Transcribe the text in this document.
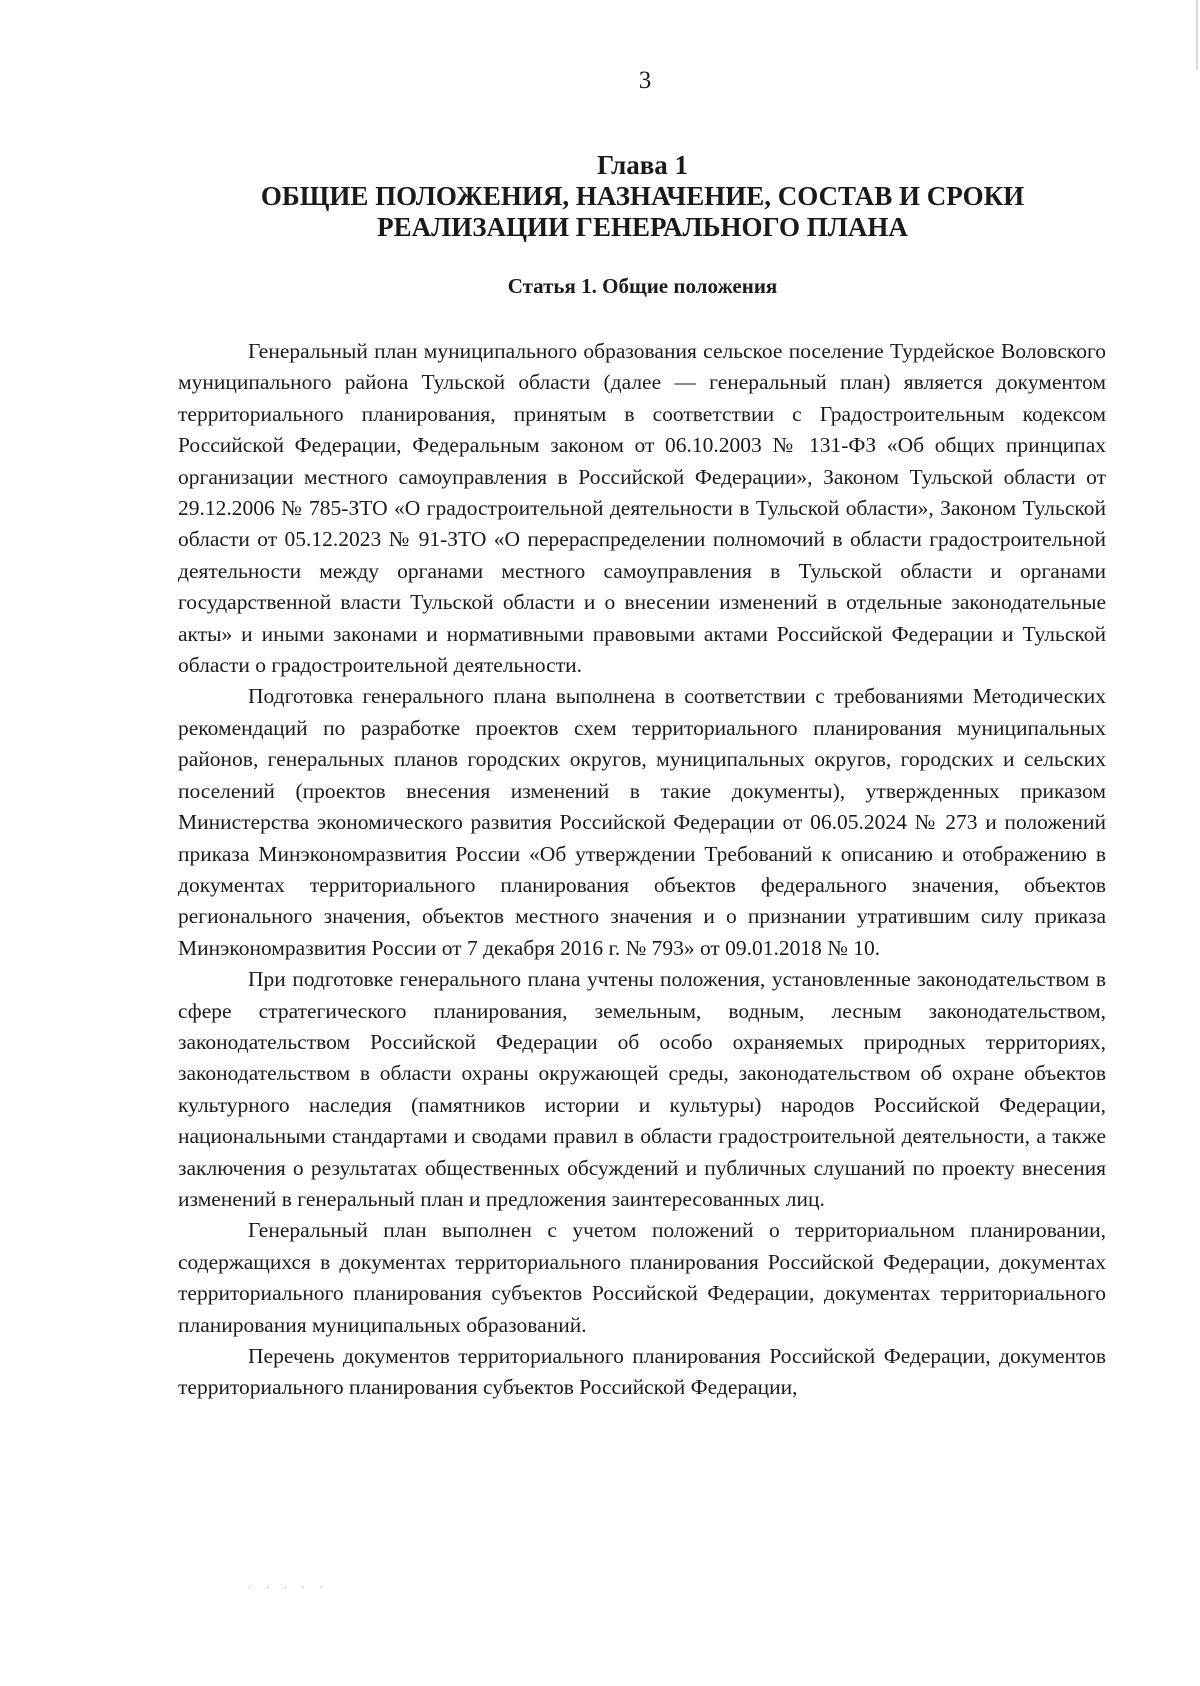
3
Глава 1
ОБЩИЕ ПОЛОЖЕНИЯ, НАЗНАЧЕНИЕ, СОСТАВ И СРОКИ
РЕАЛИЗАЦИИ ГЕНЕРАЛЬНОГО ПЛАНА
Статья 1. Общие положения

Генеральный план муниципального образования сельское поселение Турдейское Воловского муниципального района Тульской области (далее — генеральный план) является документом территориального планирования, принятым в соответствии с Градостроительным кодексом Российской Федерации, Федеральным законом от 06.10.2003 № 131-ФЗ «Об общих принципах организации местного самоуправления в Российской Федерации», Законом Тульской области от 29.12.2006 № 785-ЗТО «О градостроительной деятельности в Тульской области», Законом Тульской области от 05.12.2023 № 91-ЗТО «О перераспределении полномочий в области градостроительной деятельности между органами местного самоуправления в Тульской области и органами государственной власти Тульской области и о внесении изменений в отдельные законодательные акты» и иными законами и нормативными правовыми актами Российской Федерации и Тульской области о градостроительной деятельности.

Подготовка генерального плана выполнена в соответствии с требованиями Методических рекомендаций по разработке проектов схем территориального планирования муниципальных районов, генеральных планов городских округов, муниципальных округов, городских и сельских поселений (проектов внесения изменений в такие документы), утвержденных приказом Министерства экономического развития Российской Федерации от 06.05.2024 № 273 и положений приказа Минэкономразвития России «Об утверждении Требований к описанию и отображению в документах территориального планирования объектов федерального значения, объектов регионального значения, объектов местного значения и о признании утратившим силу приказа Минэкономразвития России от 7 декабря 2016 г. № 793» от 09.01.2018 № 10.

При подготовке генерального плана учтены положения, установленные законодательством в сфере стратегического планирования, земельным, водным, лесным законодательством, законодательством Российской Федерации об особо охраняемых природных территориях, законодательством в области охраны окружающей среды, законодательством об охране объектов культурного наследия (памятников истории и культуры) народов Российской Федерации, национальными стандартами и сводами правил в области градостроительной деятельности, а также заключения о результатах общественных обсуждений и публичных слушаний по проекту внесения изменений в генеральный план и предложения заинтересованных лиц.

Генеральный план выполнен с учетом положений о территориальном планировании, содержащихся в документах территориального планирования Российской Федерации, документах территориального планирования субъектов Российской Федерации, документах территориального планирования муниципальных образований.

Перечень документов территориального планирования Российской Федерации, документов территориального планирования субъектов Российской Федерации,

· · · · ·
